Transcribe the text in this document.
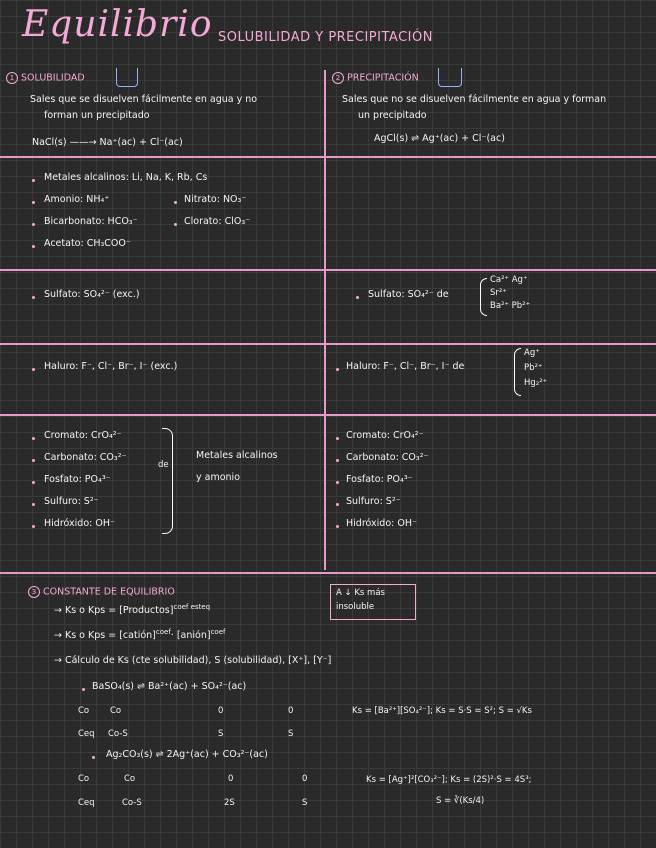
Equilibrio SOLUBILIDAD Y PRECIPITACIÓN
1 SOLUBILIDAD
Sales que se disuelven fácilmente en agua y no
forman un precipitado
NaCl(s) ——→ Na⁺(ac) + Cl⁻(ac)
Metales alcalinos: Li, Na, K, Rb, Cs
Amonio: NH₄⁺	Nitrato: NO₃⁻
Bicarbonato: HCO₃⁻	Clorato: ClO₃⁻
Acetato: CH₃COO⁻
Sulfato: SO₄²⁻ (exc.)
Haluro: F⁻, Cl⁻, Br⁻, I⁻ (exc.)
Cromato: CrO₄²⁻
Carbonato: CO₃²⁻
Fosfato: PO₄³⁻
Sulfuro: S²⁻
Hidróxido: OH⁻
de
Metales alcalinos
y amonio
2 PRECIPITACIÓN
Sales que no se disuelven fácilmente en agua y forman
un precipitado
AgCl(s) ⇌ Ag⁺(ac) + Cl⁻(ac)
Sulfato: SO₄²⁻ de
Ca²⁺ Ag⁺
Sr²⁺
Ba²⁺ Pb²⁺
Haluro: F⁻, Cl⁻, Br⁻, I⁻ de
Ag⁺
Pb²⁺
Hg₂²⁺
Cromato: CrO₄²⁻
Carbonato: CO₃²⁻
Fosfato: PO₄³⁻
Sulfuro: S²⁻
Hidróxido: OH⁻
3 CONSTANTE DE EQUILIBRIO	A ↓ Ks más
insoluble
→ Ks o Kps = [Productos]$^{coef esteq}$
→ Ks o Kps = [catión]$^{coef}$· [anión]$^{coef}$
→ Cálculo de Ks (cte solubilidad), S (solubilidad), [X⁺], [Y⁻]
BaSO₄(s) ⇌ Ba²⁺(ac) + SO₄²⁻(ac)
Co Co	0	0
Ceq Co-S	S	S
Ks = [Ba²⁺][SO₄²⁻]; Ks = S·S = S²; S = √Ks
Ag₂CO₃(s) ⇌ 2Ag⁺(ac) + CO₃²⁻(ac)
Co	Co	0	0
Ceq	Co-S	2S	S
Ks = [Ag⁺]²[CO₃²⁻]; Ks = (2S)²·S = 4S³;
S = ∛(Ks/4)
